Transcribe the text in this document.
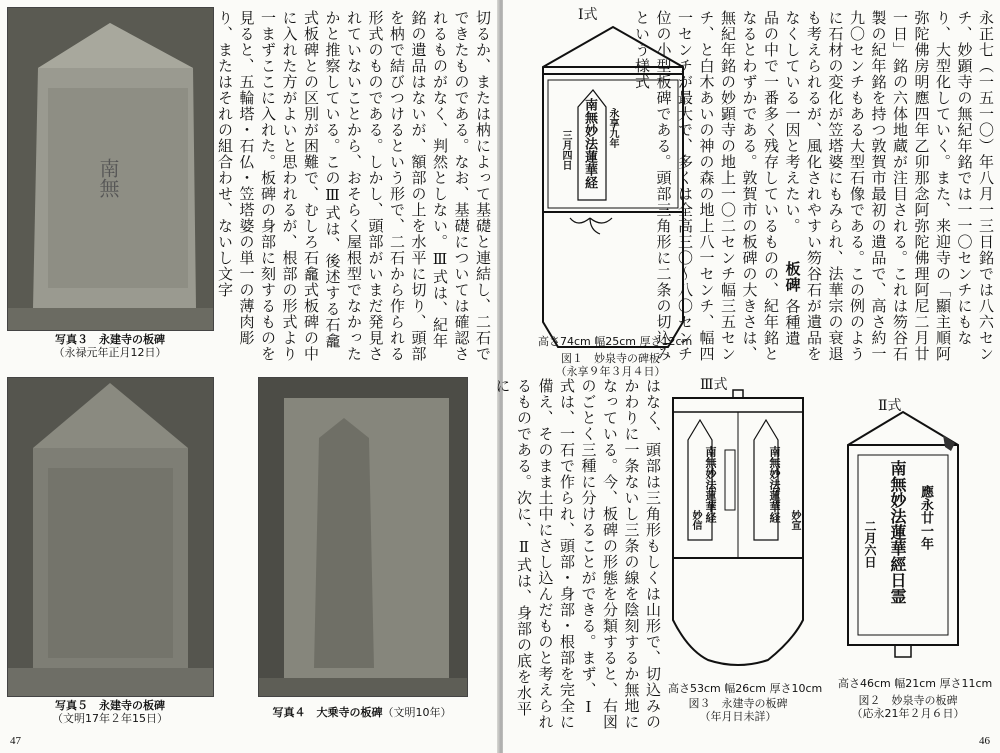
南無
写真３　 永建寺の板碑
（永禄元年正月12日）
写真５　 永建寺の板碑
（文明17年２年15日）	写真４　 大乗寺の板碑（文明10年）
切るか、または枘によって基礎と連結し、二石でできたものである。なお、基礎については確認されるものがなく、判然としない。Ⅲ式は、紀年銘の遺品はないが、額部の上を水平に切り、頭部を枘で結びつけるという形で、二石から作られる形式のものである。しかし、頭部がいまだ発見されていないことから、おそらく屋根型でなかったかと推察している。このⅢ式は、後述する石龕式板碑との区別が困難で、むしろ石龕式板碑の中に入れた方がよいと思われるが、根部の形式より一まずここに入れた。板碑の身部に刻するものを見ると、五輪塔・石仏・笠塔婆の単一の薄肉彫り、またはそれの組合わせ、ないし文字
47
永正七（一五一〇）年八月一三日銘では八六センチ、妙顕寺の無紀年銘では一一〇センチにもなり、大型化していく。また、来迎寺の「顯主順阿弥陀佛房明應四年乙卯那念阿弥陀佛理阿尼二月廿一日」銘の六体地蔵が注目される。これは笏谷石製の紀年銘を持つ敦賀市最初の遺品で、高さ約一九〇センチもある大型石像である。この例のように石材の変化が笠塔婆にもみられ、法華宗の衰退も考えられるが、風化されやすい笏谷石が遺品をなくしている一因と考えたい。  板碑 各種遺品の中で一番多く残存しているものの、紀年銘となるとわずかである。敦賀市の板碑の大きさは、無紀年銘の妙顕寺の地上一〇二センチ幅三五センチ、と白木あいの神の森の地上八一センチ、幅四一センチが最大で、多くは全高三〇～八〇センチ位の小型板碑である。頭部三角形に二条の切込みという様式
Ⅰ式
南無妙法蓮華経 永享九年
三月四日
高さ74cm 幅25cm 厚さ12cm
図１　妙泉寺の碑板
（永享９年３月４日）
はなく、頭部は三角形もしくは山形で、切込みのかわりに一条ないし三条の線を陰刻するか無地になっている。今、板碑の形態を分類すると、右図のごとく三種に分けることができる。まず、Ⅰ式は、一石で作られ、頭部・身部・根部を完全に備え、そのまま土中にさし込んだものと考えられるものである。次に、Ⅱ式は、身部の底を水平に	Ⅲ式
南無妙法蓮華経	南無妙法蓮華経
妙信	妙宣
高さ53cm 幅26cm 厚さ10cm
図３　永建寺の板碑
（年月日未詳）
Ⅱ式
南無妙法蓮華經日霊 應永廿一年
二月六日
高さ46cm 幅21cm 厚さ11cm
図２　妙泉寺の板碑
（応永21年２月６日）
46
